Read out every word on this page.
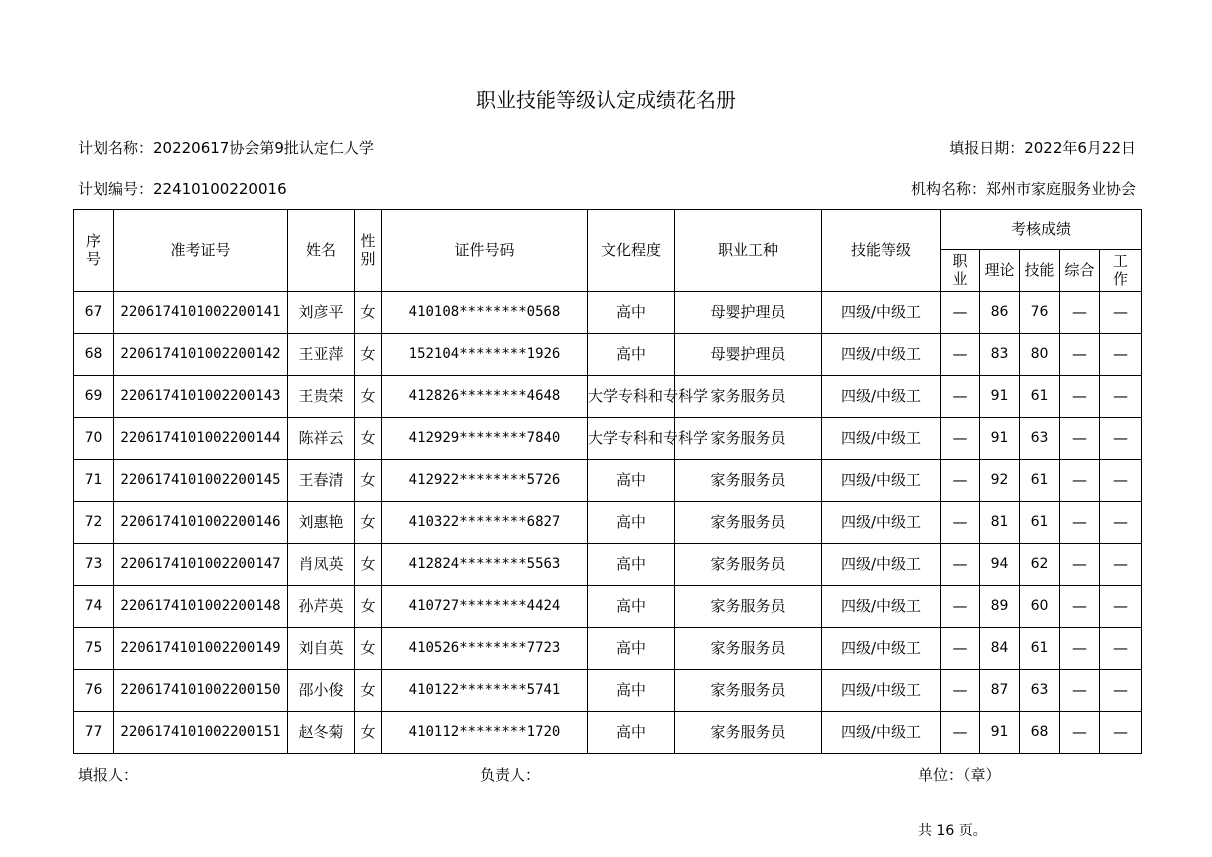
职业技能等级认定成绩花名册
计划名称：20220617协会第9批认定仁人学	填报日期：2022年6月22日
计划编号：22410100220016	机构名称：郑州市家庭服务业协会
序号	准考证号	姓名	性别	证件号码	文化程度	职业工种	技能等级	考核成绩				
								职业	理论	技能	综合	工作
67	2206174101002200141	刘彦平	女	410108********0568	高中	母婴护理员	四级/中级工	—	86	76	—	—
68	2206174101002200142	王亚萍	女	152104********1926	高中	母婴护理员	四级/中级工	—	83	80	—	—
69	2206174101002200143	王贵荣	女	412826********4648	大学专科和专科学	家务服务员	四级/中级工	—	91	61	—	—
70	2206174101002200144	陈祥云	女	412929********7840	大学专科和专科学	家务服务员	四级/中级工	—	91	63	—	—
71	2206174101002200145	王春清	女	412922********5726	高中	家务服务员	四级/中级工	—	92	61	—	—
72	2206174101002200146	刘惠艳	女	410322********6827	高中	家务服务员	四级/中级工	—	81	61	—	—
73	2206174101002200147	肖凤英	女	412824********5563	高中	家务服务员	四级/中级工	—	94	62	—	—
74	2206174101002200148	孙芹英	女	410727********4424	高中	家务服务员	四级/中级工	—	89	60	—	—
75	2206174101002200149	刘自英	女	410526********7723	高中	家务服务员	四级/中级工	—	84	61	—	—
76	2206174101002200150	邵小俊	女	410122********5741	高中	家务服务员	四级/中级工	—	87	63	—	—
77	2206174101002200151	赵冬菊	女	410112********1720	高中	家务服务员	四级/中级工	—	91	68	—	—
填报人：	负责人：	单位：（章）
共 16 页。
